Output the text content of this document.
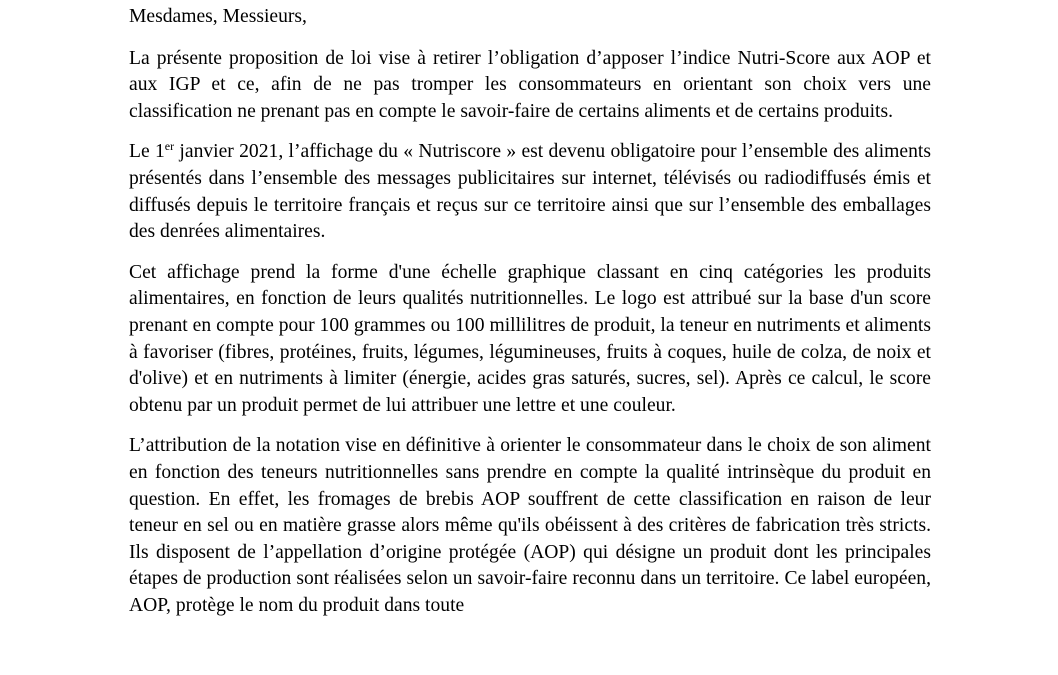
Mesdames, Messieurs,

La présente proposition de loi vise à retirer l’obligation d’apposer l’indice Nutri-Score aux AOP et aux IGP et ce, afin de ne pas tromper les consommateurs en orientant son choix vers une classification ne prenant pas en compte le savoir-faire de certains aliments et de certains produits.

Le 1er janvier 2021, l’affichage du « Nutriscore » est devenu obligatoire pour l’ensemble des aliments présentés dans l’ensemble des messages publicitaires sur internet, télévisés ou radiodiffusés émis et diffusés depuis le territoire français et reçus sur ce territoire ainsi que sur l’ensemble des emballages des denrées alimentaires.

Cet affichage prend la forme d'une échelle graphique classant en cinq catégories les produits alimentaires, en fonction de leurs qualités nutritionnelles. Le logo est attribué sur la base d'un score prenant en compte pour 100 grammes ou 100 millilitres de produit, la teneur en nutriments et aliments à favoriser (fibres, protéines, fruits, légumes, légumineuses, fruits à coques, huile de colza, de noix et d'olive) et en nutriments à limiter (énergie, acides gras saturés, sucres, sel). Après ce calcul, le score obtenu par un produit permet de lui attribuer une lettre et une couleur.

L’attribution de la notation vise en définitive à orienter le consommateur dans le choix de son aliment en fonction des teneurs nutritionnelles sans prendre en compte la qualité intrinsèque du produit en question. En effet, les fromages de brebis AOP souffrent de cette classification en raison de leur teneur en sel ou en matière grasse alors même qu'ils obéissent à des critères de fabrication très stricts. Ils disposent de l’appellation d’origine protégée (AOP) qui désigne un produit dont les principales étapes de production sont réalisées selon un savoir-faire reconnu dans un territoire. Ce label européen, AOP, protège le nom du produit dans toute
